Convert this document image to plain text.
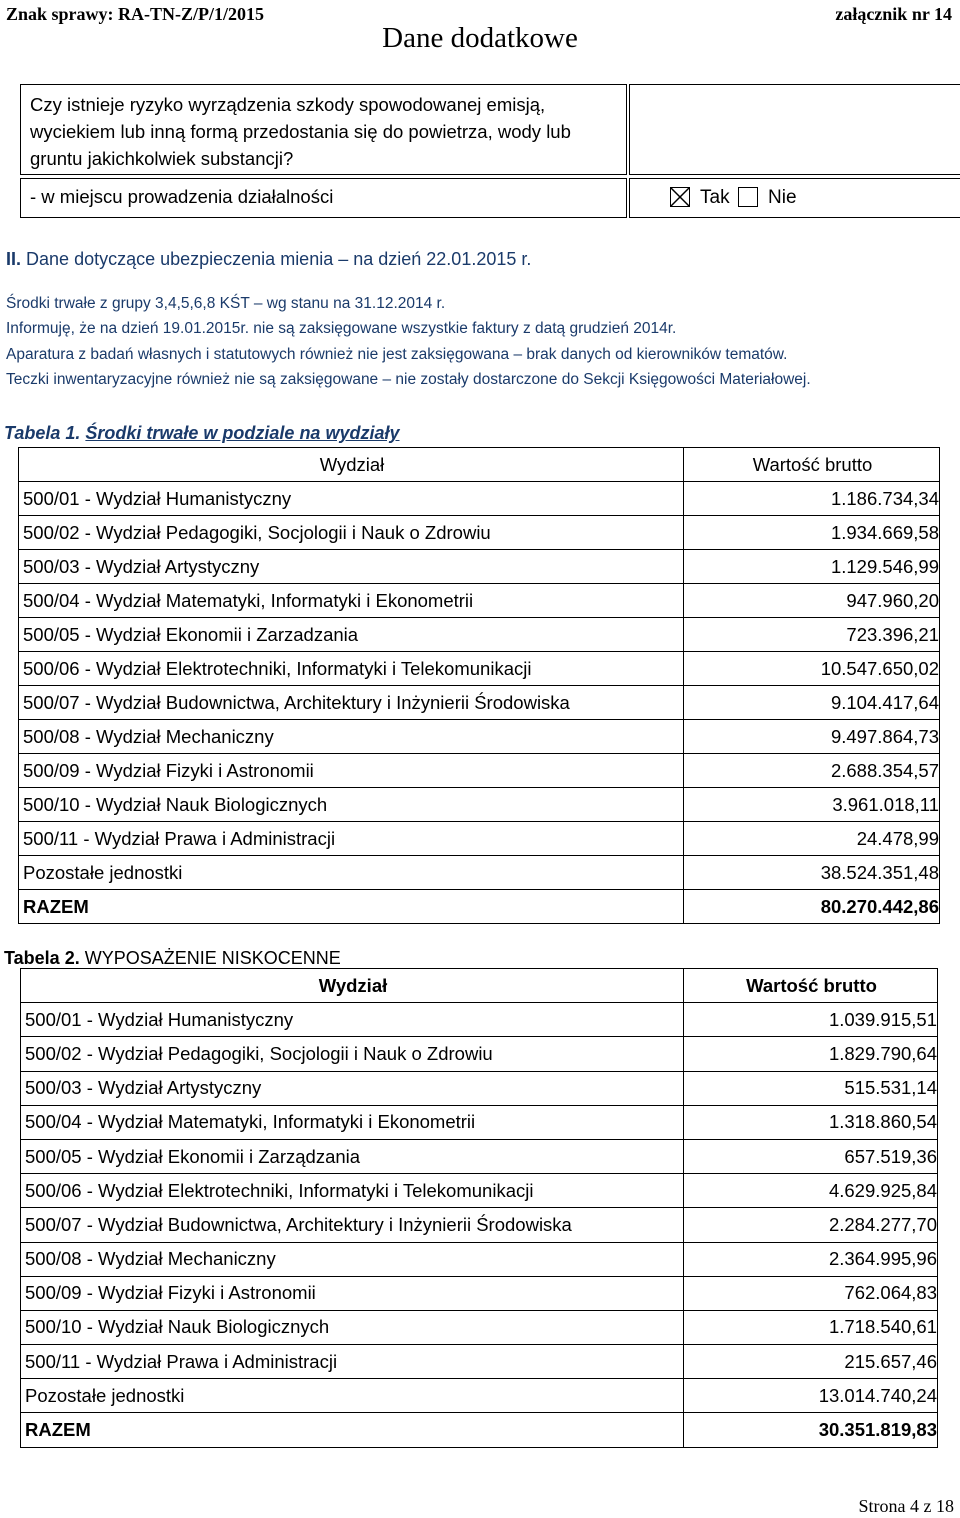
Znak sprawy: RA-TN-Z/P/1/2015	załącznik nr 14
Dane dodatkowe
Czy istnieje ryzyko wyrządzenia szkody spowodowanej emisją, wyciekiem lub inną formą przedostania się do powietrza, wody lub gruntu jakichkolwiek substancji?
- w miejscu prowadzenia działalności	Tak Nie
II. Dane dotyczące ubezpieczenia mienia – na dzień 22.01.2015 r.
Środki trwałe z grupy 3,4,5,6,8 KŚT – wg stanu na 31.12.2014 r.
Informuję, że na dzień 19.01.2015r. nie są zaksięgowane wszystkie faktury z datą grudzień 2014r.
Aparatura z badań własnych i statutowych również nie jest zaksięgowana – brak danych od kierowników tematów.
Teczki inwentaryzacyjne również nie są zaksięgowane – nie zostały dostarczone do Sekcji Księgowości Materiałowej.
Tabela 1. Środki trwałe w podziale na wydziały
Wydział	Wartość brutto
500/01 - Wydział Humanistyczny	1.186.734,34
500/02 - Wydział Pedagogiki, Socjologii i Nauk o Zdrowiu	1.934.669,58
500/03 - Wydział Artystyczny	1.129.546,99
500/04 - Wydział Matematyki, Informatyki i Ekonometrii	947.960,20
500/05 - Wydział Ekonomii i Zarzadzania	723.396,21
500/06 - Wydział Elektrotechniki, Informatyki i Telekomunikacji	10.547.650,02
500/07 - Wydział Budownictwa, Architektury i Inżynierii Środowiska	9.104.417,64
500/08 - Wydział Mechaniczny	9.497.864,73
500/09 - Wydział Fizyki i Astronomii	2.688.354,57
500/10 - Wydział Nauk Biologicznych	3.961.018,11
500/11 - Wydział Prawa i Administracji	24.478,99
Pozostałe jednostki	38.524.351,48
RAZEM	80.270.442,86
Tabela 2. WYPOSAŻENIE NISKOCENNE
Wydział	Wartość brutto
500/01 - Wydział Humanistyczny	1.039.915,51
500/02 - Wydział Pedagogiki, Socjologii i Nauk o Zdrowiu	1.829.790,64
500/03 - Wydział Artystyczny	515.531,14
500/04 - Wydział Matematyki, Informatyki i Ekonometrii	1.318.860,54
500/05 - Wydział Ekonomii i Zarządzania	657.519,36
500/06 - Wydział Elektrotechniki, Informatyki i Telekomunikacji	4.629.925,84
500/07 - Wydział Budownictwa, Architektury i Inżynierii Środowiska	2.284.277,70
500/08 - Wydział Mechaniczny	2.364.995,96
500/09 - Wydział Fizyki i Astronomii	762.064,83
500/10 - Wydział Nauk Biologicznych	1.718.540,61
500/11 - Wydział Prawa i Administracji	215.657,46
Pozostałe jednostki	13.014.740,24
RAZEM	30.351.819,83
Strona 4 z 18
